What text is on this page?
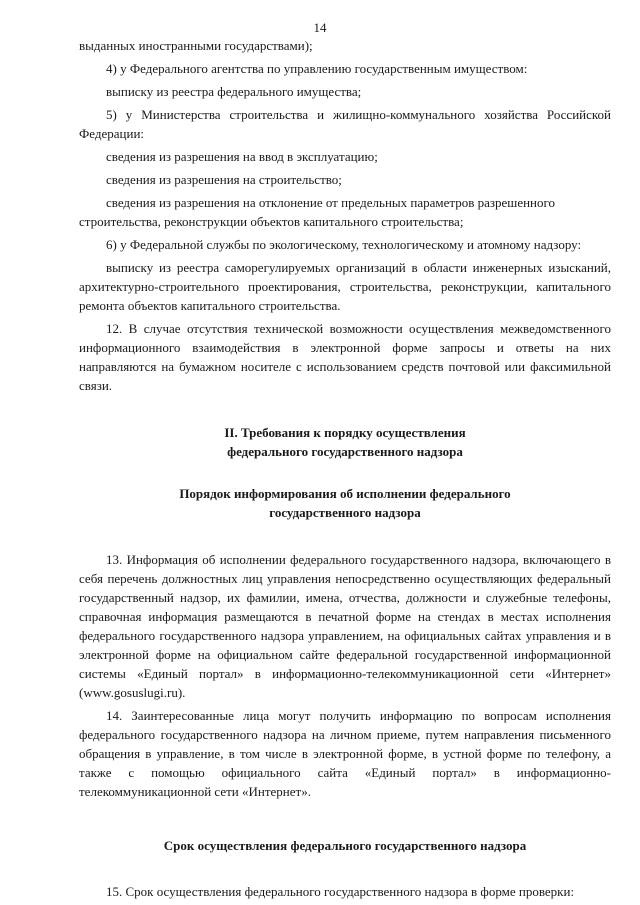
14

выданных иностранными государствами);

4) у Федерального агентства по управлению государственным имуществом:

выписку из реестра федерального имущества;

5) у Министерства строительства и жилищно-коммунального хозяйства Российской Федерации:

сведения из разрешения на ввод в эксплуатацию;

сведения из разрешения на строительство;

сведения из разрешения на отклонение от предельных параметров разрешенного строительства, реконструкции объектов капитального строительства;

6) у Федеральной службы по экологическому, технологическому и атомному надзору:

выписку из реестра саморегулируемых организаций в области инженерных изысканий, архитектурно-строительного проектирования, строительства, реконструкции, капитального ремонта объектов капитального строительства.

12. В случае отсутствия технической возможности осуществления межведомственного информационного взаимодействия в электронной форме запросы и ответы на них направляются на бумажном носителе с использованием средств почтовой или факсимильной связи.

II. Требования к порядку осуществления
федерального государственного надзора
Порядок информирования об исполнении федерального
государственного надзора

13. Информация об исполнении федерального государственного надзора, включающего в себя перечень должностных лиц управления непосредственно осуществляющих федеральный государственный надзор, их фамилии, имена, отчества, должности и служебные телефоны, справочная информация размещаются в печатной форме на стендах в местах исполнения федерального государственного надзора управлением, на официальных сайтах управления и в электронной форме на официальном сайте федеральной государственной информационной системы «Единый портал» в информационно-телекоммуникационной сети «Интернет» (www.gosuslugi.ru).

14. Заинтересованные лица могут получить информацию по вопросам исполнения федерального государственного надзора на личном приеме, путем направления письменного обращения в управление, в том числе в электронной форме, в устной форме по телефону, а также с помощью официального сайта «Единый портал» в информационно-телекоммуникационной сети «Интернет».

Срок осуществления федерального государственного надзора

15. Срок осуществления федерального государственного надзора в форме проверки:
